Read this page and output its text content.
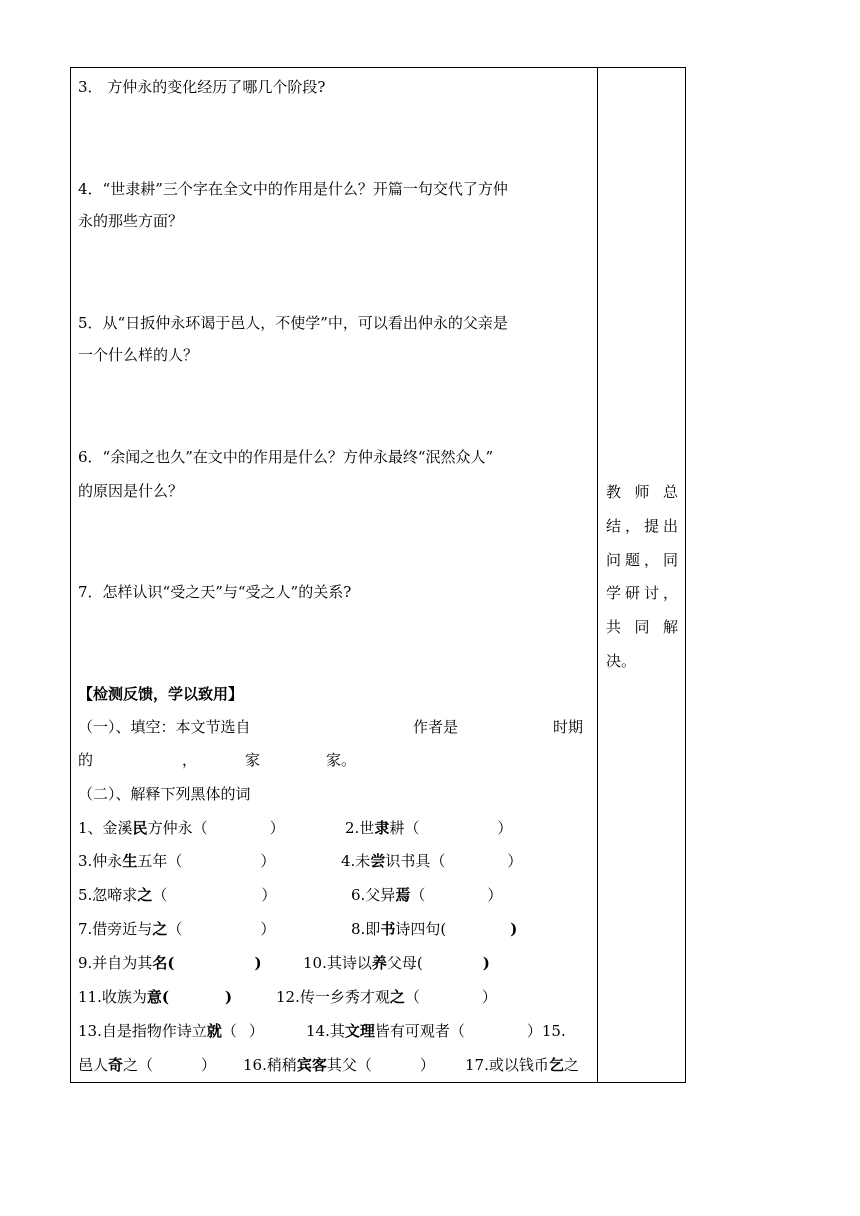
3． 方仲永的变化经历了哪几个阶段?
4．“世隶耕”三个字在全文中的作用是什么？开篇一句交代了方仲
永的那些方面？
5．从“日扳仲永环谒于邑人，不使学”中，可以看出仲永的父亲是
一个什么样的人？
6．“余闻之也久”在文中的作用是什么？方仲永最终“泯然众人”
的原因是什么？
7．怎样认识“受之天”与“受之人”的关系?
【检测反馈，学以致用】
（一）、填空：本文节选自	作者是	时期
的	，	家	家。
（二）、解释下列黑体的词
1、金溪民方仲永（	）	2.世隶耕（	）
3.仲永生五年（	）	4.未尝识书具（	）
5.忽啼求之（	）	6.父异焉（	）
7.借旁近与之（	）	8.即书诗四句(	)
9.并自为其名(	)	10.其诗以养父母(	)
11.收族为意(	)	12.传一乡秀才观之（	）
13.自是指物作诗立就（ ）	14.其文理皆有可观者（	）15.
邑人奇之（	） 16.稍稍宾客其父（	） 17.或以钱币乞之
教师总
结，提出
问题，同
学研讨，
共同解
决。
